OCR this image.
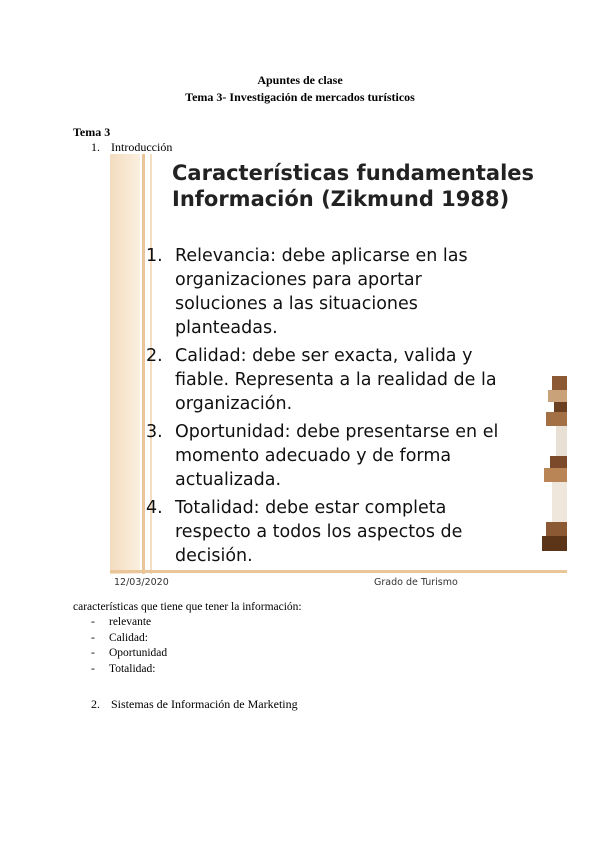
Apuntes de clase
Tema 3- Investigación de mercados turísticos
Tema 3
1. Introducción
Características fundamentales
Información (Zikmund 1988)
1. Relevancia: debe aplicarse en las
organizaciones para aportar
soluciones a las situaciones
planteadas.
2. Calidad: debe ser exacta, valida y
fiable. Representa a la realidad de la
organización.
3. Oportunidad: debe presentarse en el
momento adecuado y de forma
actualizada.
4. Totalidad: debe estar completa
respecto a todos los aspectos de
decisión.
12/03/2020	Grado de Turismo
características que tiene que tener la información:
- relevante
- Calidad:
- Oportunidad
- Totalidad:
2. Sistemas de Información de Marketing
